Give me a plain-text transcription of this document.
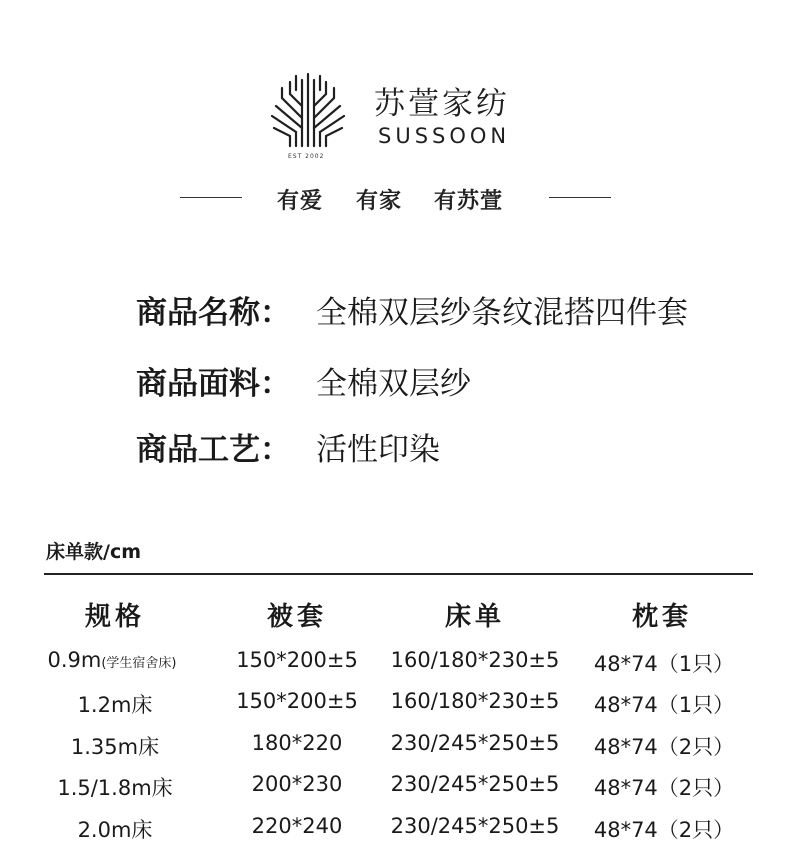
EST 2002
苏萱家纺
SUSSOON
有爱 有家 有苏萱
商品名称： 全棉双层纱条纹混搭四件套
商品面料： 全棉双层纱
商品工艺： 活性印染
床单款/cm
规格	被套	床单	枕套
0.9m(学生宿舍床)	150*200±5	160/180*230±5	48*74（1只）
1.2m床	150*200±5	160/180*230±5	48*74（1只）
1.35m床	180*220	230/245*250±5	48*74（2只）
1.5/1.8m床	200*230	230/245*250±5	48*74（2只）
2.0m床	220*240	230/245*250±5	48*74（2只）
